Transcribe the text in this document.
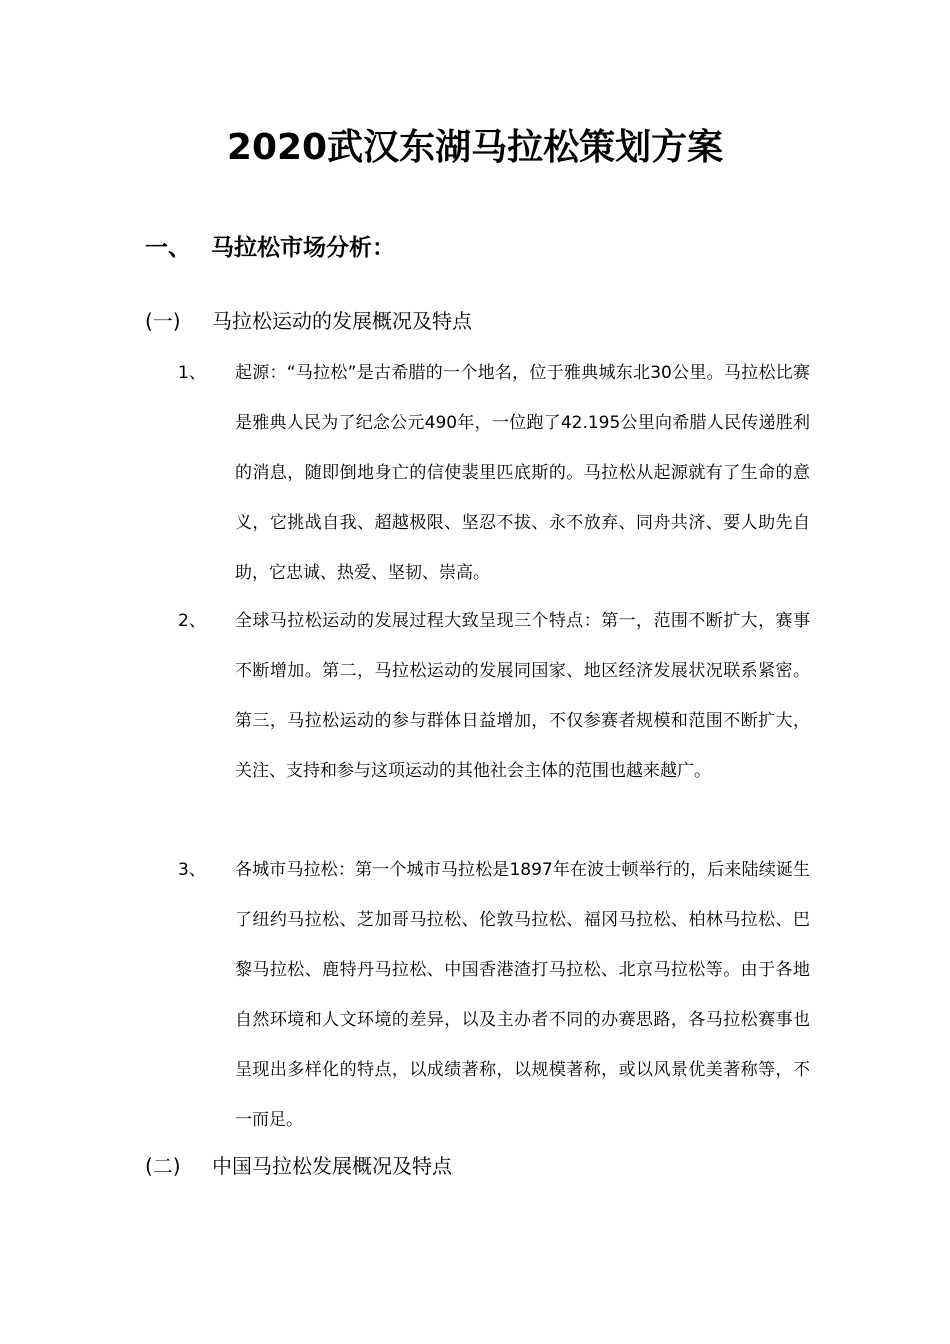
2020武汉东湖马拉松策划方案
一、 马拉松市场分析：
(一) 马拉松运动的发展概况及特点
1、	起源：“马拉松”是古希腊的一个地名，位于雅典城东北30公里。马拉松比赛是雅典人民为了纪念公元490年，一位跑了42.195公里向希腊人民传递胜利的消息，随即倒地身亡的信使裴里匹底斯的。马拉松从起源就有了生命的意义，它挑战自我、超越极限、坚忍不拔、永不放弃、同舟共济、要人助先自助，它忠诚、热爱、坚韧、崇高。
2、	全球马拉松运动的发展过程大致呈现三个特点：第一，范围不断扩大，赛事不断增加。第二，马拉松运动的发展同国家、地区经济发展状况联系紧密。第三，马拉松运动的参与群体日益增加，不仅参赛者规模和范围不断扩大，关注、支持和参与这项运动的其他社会主体的范围也越来越广。
3、	各城市马拉松：第一个城市马拉松是1897年在波士顿举行的，后来陆续诞生了纽约马拉松、芝加哥马拉松、伦敦马拉松、福冈马拉松、柏林马拉松、巴黎马拉松、鹿特丹马拉松、中国香港渣打马拉松、北京马拉松等。由于各地自然环境和人文环境的差异，以及主办者不同的办赛思路，各马拉松赛事也呈现出多样化的特点，以成绩著称，以规模著称，或以风景优美著称等，不一而足。
(二) 中国马拉松发展概况及特点
